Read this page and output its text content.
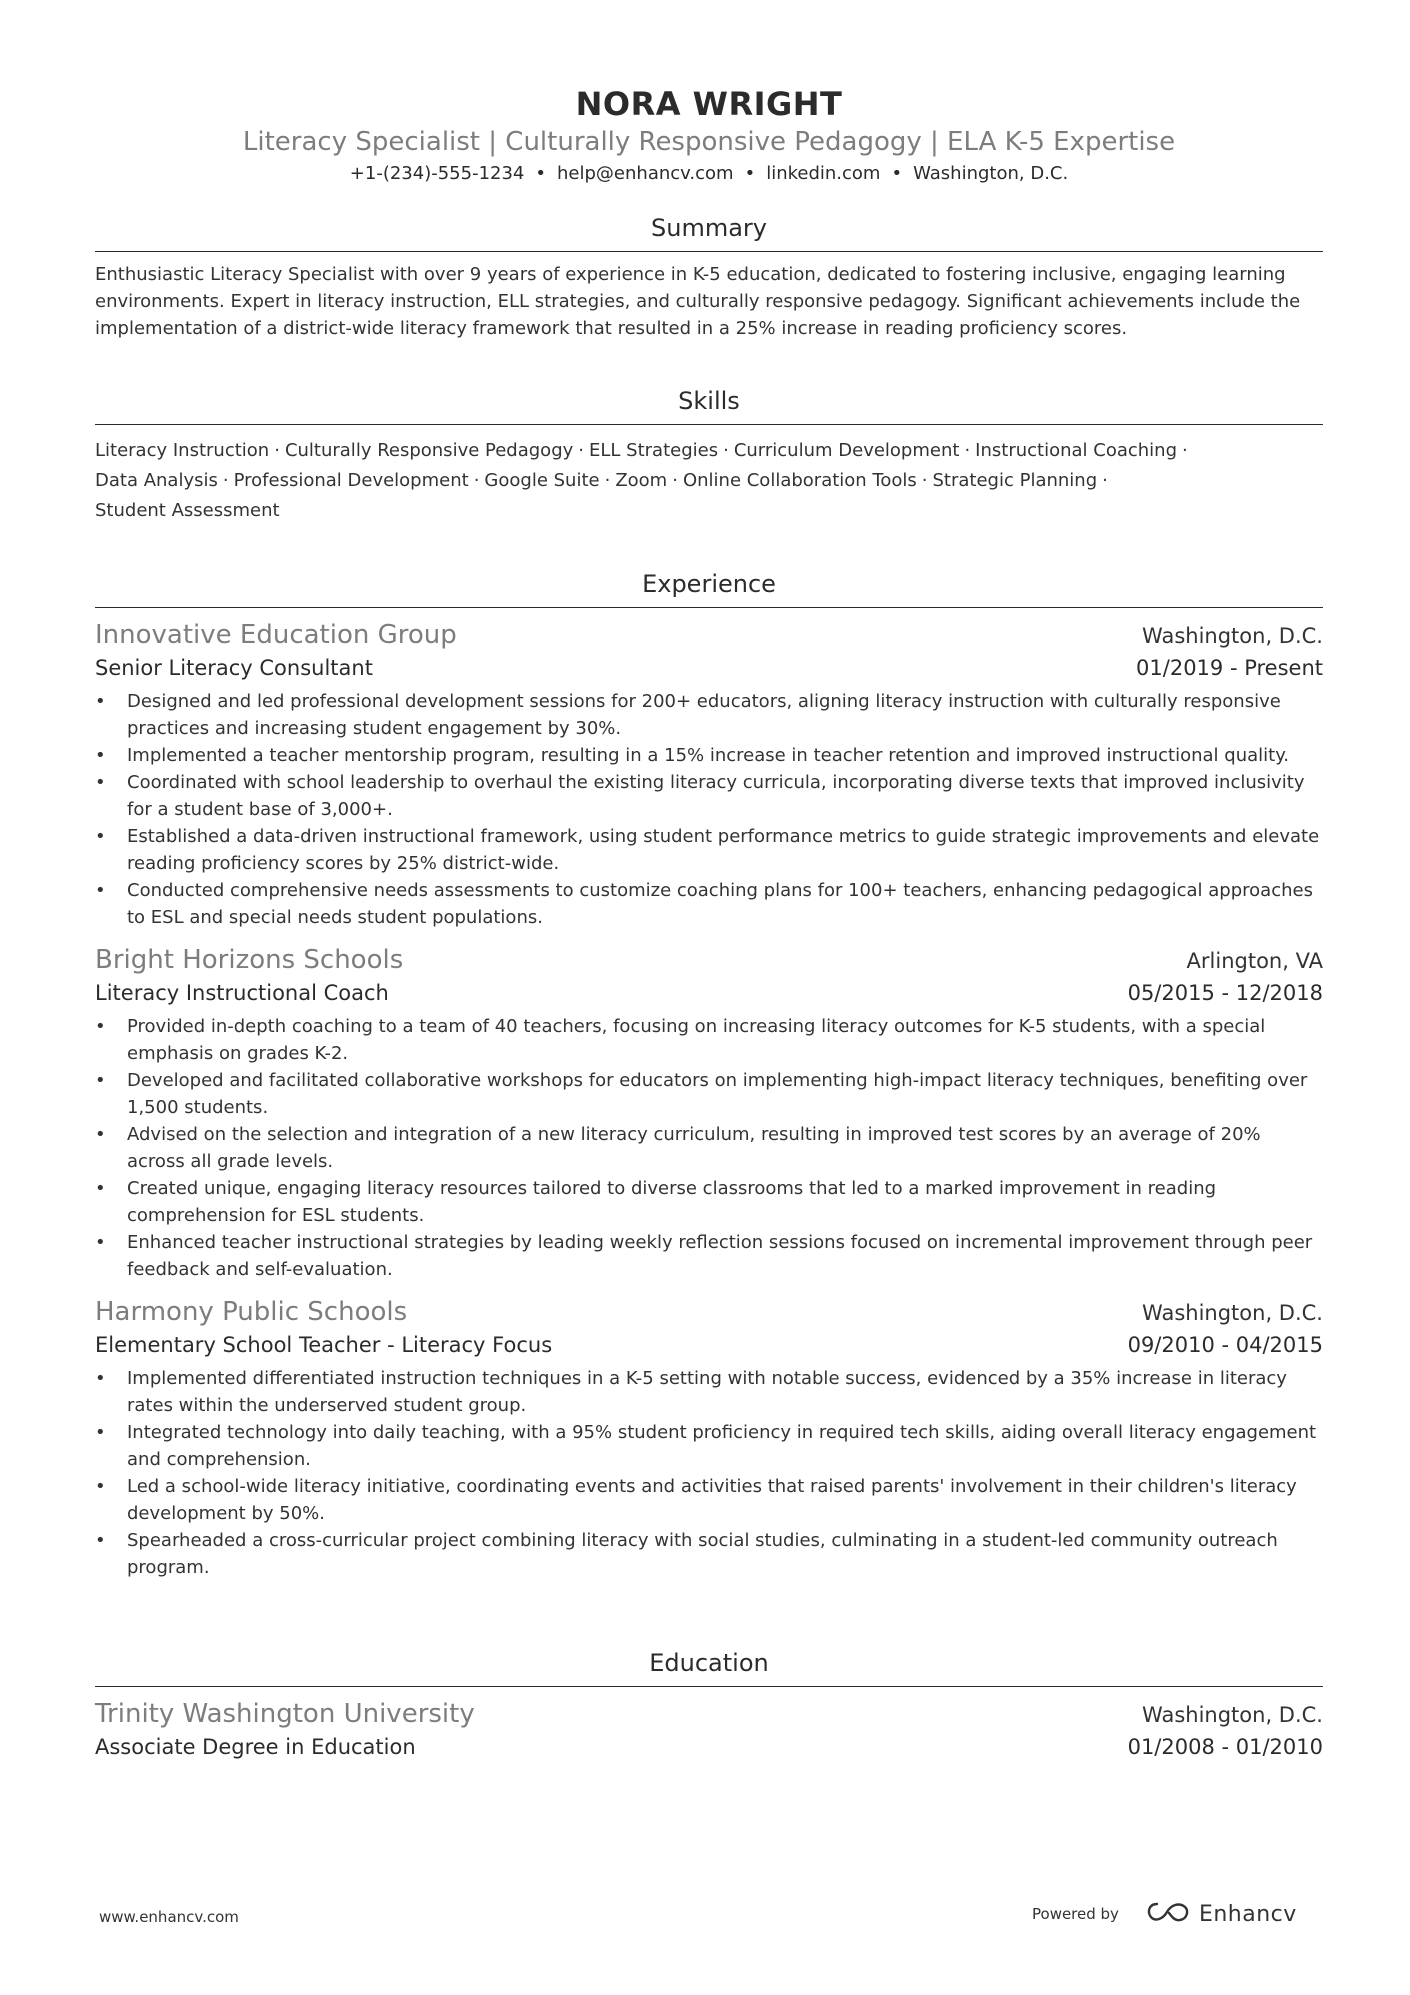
NORA WRIGHT
Literacy Specialist | Culturally Responsive Pedagogy | ELA K-5 Expertise
+1-(234)-555-1234 • help@enhancv.com • linkedin.com • Washington, D.C.
Summary
Enthusiastic Literacy Specialist with over 9 years of experience in K-5 education, dedicated to fostering inclusive, engaging learning environments. Expert in literacy instruction, ELL strategies, and culturally responsive pedagogy. Significant achievements include the implementation of a district-wide literacy framework that resulted in a 25% increase in reading proficiency scores.
Skills
Literacy Instruction · Culturally Responsive Pedagogy · ELL Strategies · Curriculum Development · Instructional Coaching ·
Data Analysis · Professional Development · Google Suite · Zoom · Online Collaboration Tools · Strategic Planning ·
Student Assessment
Experience
Innovative Education Group	Washington, D.C.
Senior Literacy Consultant	01/2019 - Present
•	Designed and led professional development sessions for 200+ educators, aligning literacy instruction with culturally responsive practices and increasing student engagement by 30%.
•	Implemented a teacher mentorship program, resulting in a 15% increase in teacher retention and improved instructional quality.
•	Coordinated with school leadership to overhaul the existing literacy curricula, incorporating diverse texts that improved inclusivity for a student base of 3,000+.
•	Established a data-driven instructional framework, using student performance metrics to guide strategic improvements and elevate reading proficiency scores by 25% district-wide.
•	Conducted comprehensive needs assessments to customize coaching plans for 100+ teachers, enhancing pedagogical approaches to ESL and special needs student populations.
Bright Horizons Schools	Arlington, VA
Literacy Instructional Coach	05/2015 - 12/2018
•	Provided in-depth coaching to a team of 40 teachers, focusing on increasing literacy outcomes for K-5 students, with a special emphasis on grades K-2.
•	Developed and facilitated collaborative workshops for educators on implementing high-impact literacy techniques, benefiting over 1,500 students.
•	Advised on the selection and integration of a new literacy curriculum, resulting in improved test scores by an average of 20% across all grade levels.
•	Created unique, engaging literacy resources tailored to diverse classrooms that led to a marked improvement in reading comprehension for ESL students.
•	Enhanced teacher instructional strategies by leading weekly reflection sessions focused on incremental improvement through peer feedback and self-evaluation.
Harmony Public Schools	Washington, D.C.
Elementary School Teacher - Literacy Focus	09/2010 - 04/2015
•	Implemented differentiated instruction techniques in a K-5 setting with notable success, evidenced by a 35% increase in literacy rates within the underserved student group.
•	Integrated technology into daily teaching, with a 95% student proficiency in required tech skills, aiding overall literacy engagement and comprehension.
•	Led a school-wide literacy initiative, coordinating events and activities that raised parents' involvement in their children's literacy development by 50%.
•	Spearheaded a cross-curricular project combining literacy with social studies, culminating in a student-led community outreach program.
Education
Trinity Washington University	Washington, D.C.
Associate Degree in Education	01/2008 - 01/2010
www.enhancv.com	Powered by	Enhancv
